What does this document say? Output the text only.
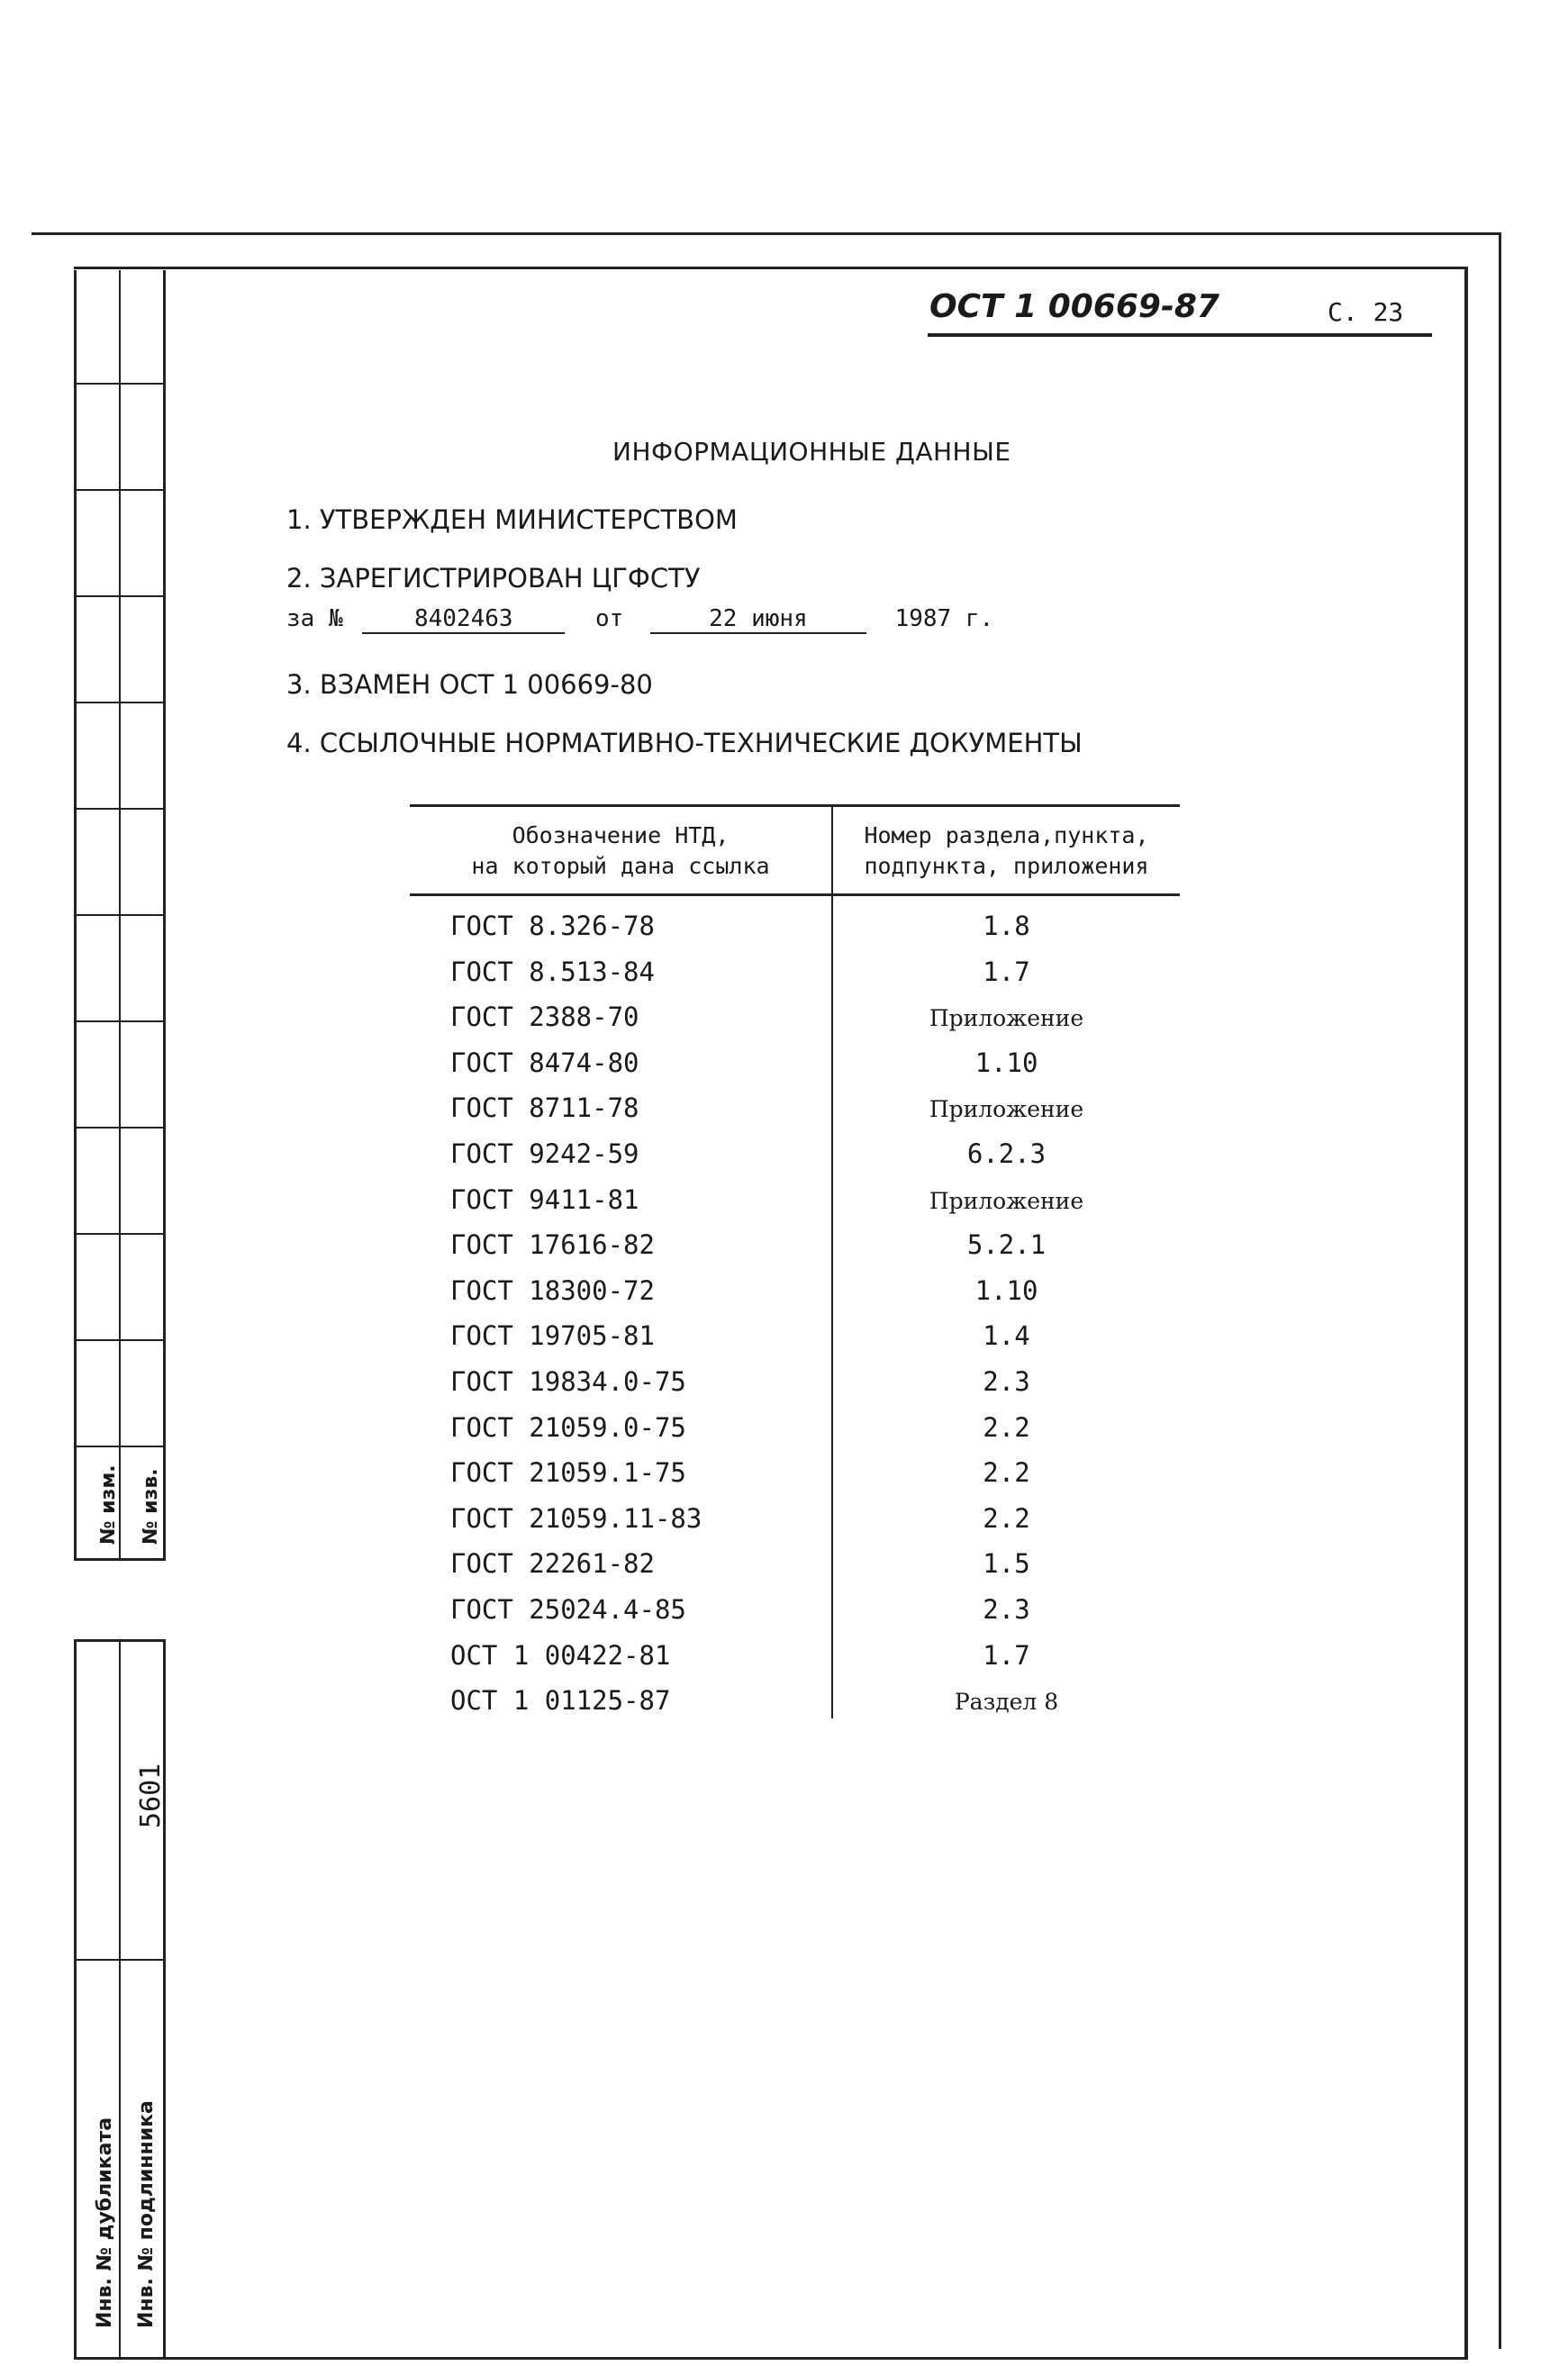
№ изм. № изв.
5601
Инв. № дубликата Инв. № подлинника
ОСТ 1 00669-87	С. 23
ИНФОРМАЦИОННЫЕ ДАННЫЕ
1. УТВЕРЖДЕН МИНИСТЕРСТВОМ
2. ЗАРЕГИСТРИРОВАН ЦГФСТУ
за №	8402463	от	22 июня	1987 г.
3. ВЗАМЕН ОСТ 1 00669-80
4. ССЫЛОЧНЫЕ НОРМАТИВНО-ТЕХНИЧЕСКИЕ ДОКУМЕНТЫ
Обозначение НТД,
на который дана ссылка
Номер раздела,пункта,
подпункта, приложения
ГОСТ 8.326-78	1.8
ГОСТ 8.513-84	1.7
ГОСТ 2388-70	Приложение
ГОСТ 8474-80	1.10
ГОСТ 8711-78	Приложение
ГОСТ 9242-59	6.2.3
ГОСТ 9411-81	Приложение
ГОСТ 17616-82	5.2.1
ГОСТ 18300-72	1.10
ГОСТ 19705-81	1.4
ГОСТ 19834.0-75	2.3
ГОСТ 21059.0-75	2.2
ГОСТ 21059.1-75	2.2
ГОСТ 21059.11-83	2.2
ГОСТ 22261-82	1.5
ГОСТ 25024.4-85	2.3
ОСТ 1 00422-81	1.7
ОСТ 1 01125-87	Раздел 8
